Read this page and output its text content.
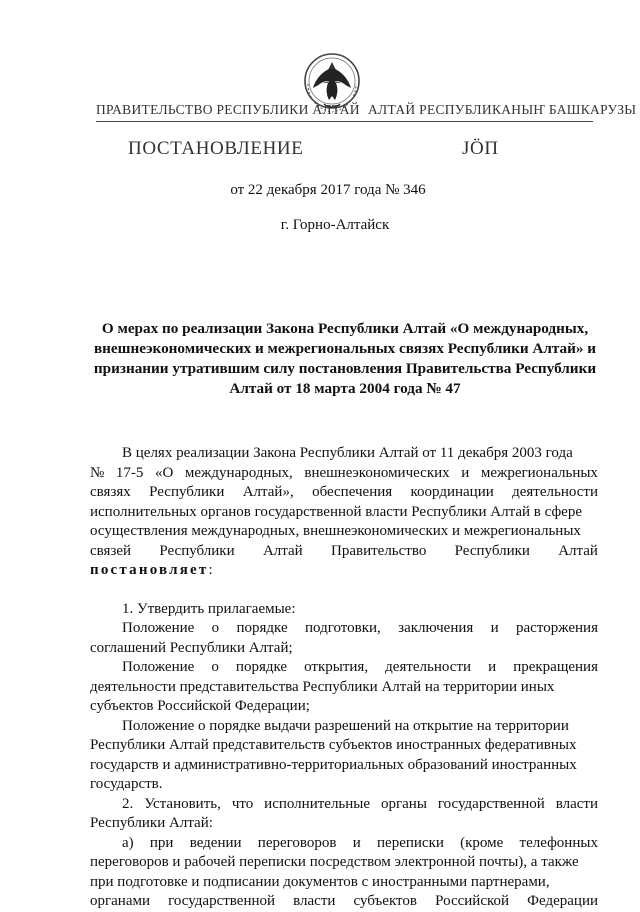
ПРАВИТЕЛЬСТВО РЕСПУБЛИКИ АЛТАЙ АЛТАЙ РЕСПУБЛИКАНЫҤ БАШКАРУЗЫ
ПОСТАНОВЛЕНИЕ	ЈӦП
от 22 декабря 2017 года № 346
г. Горно-Алтайск
О мерах по реализации Закона Республики Алтай «О международных,
внешнеэкономических и межрегиональных связях Республики Алтай» и
признании утратившим силу постановления Правительства Республики
Алтай от 18 марта 2004 года № 47
В целях реализации Закона Республики Алтай от 11 декабря 2003 года
№ 17-5 «О международных, внешнеэкономических и межрегиональных
связях Республики Алтай», обеспечения координации деятельности
исполнительных органов государственной власти Республики Алтай в сфере
осуществления международных, внешнеэкономических и межрегиональных
связей Республики Алтай Правительство Республики Алтай
постановляет:
1. Утвердить прилагаемые:
Положение о порядке подготовки, заключения и расторжения
соглашений Республики Алтай;
Положение о порядке открытия, деятельности и прекращения
деятельности представительства Республики Алтай на территории иных
субъектов Российской Федерации;
Положение о порядке выдачи разрешений на открытие на территории
Республики Алтай представительств субъектов иностранных федеративных
государств и административно-территориальных образований иностранных
государств.
2. Установить, что исполнительные органы государственной власти
Республики Алтай:
а) при ведении переговоров и переписки (кроме телефонных
переговоров и рабочей переписки посредством электронной почты), а также
при подготовке и подписании документов с иностранными партнерами,
органами государственной власти субъектов Российской Федерации
